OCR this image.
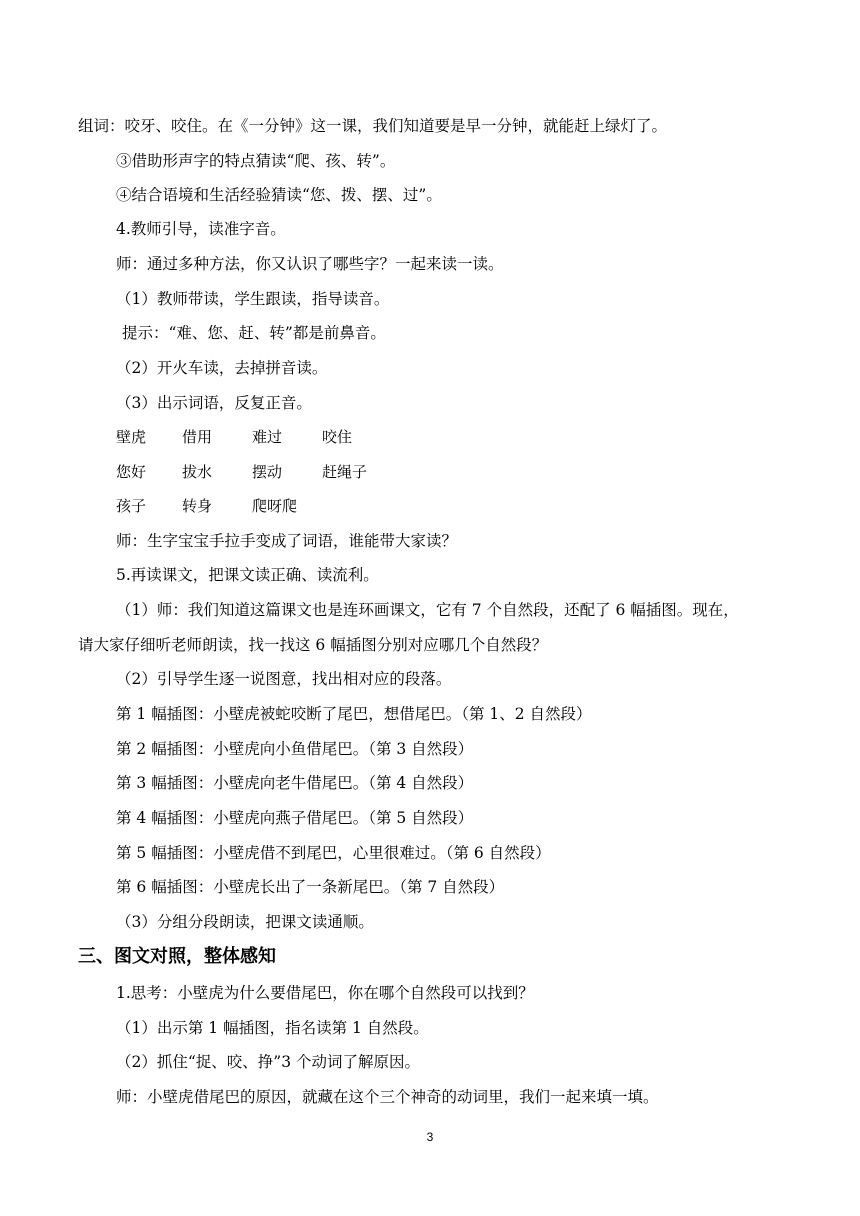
组词：咬牙、咬住。在《一分钟》这一课，我们知道要是早一分钟，就能赶上绿灯了。
③借助形声字的特点猜读“爬、孩、转”。
④结合语境和生活经验猜读“您、拨、摆、过”。
4.教师引导，读准字音。
师：通过多种方法，你又认识了哪些字？一起来读一读。
（1）教师带读，学生跟读，指导读音。
提示：“难、您、赶、转”都是前鼻音。
（2）开火车读，去掉拼音读。
（3）出示词语，反复正音。
壁虎 借用	难过	咬住
您好 拔水	摆动	赶绳子
孩子 转身	爬呀爬
师：生字宝宝手拉手变成了词语，谁能带大家读？
5.再读课文，把课文读正确、读流利。
（1）师：我们知道这篇课文也是连环画课文，它有 7 个自然段，还配了 6 幅插图。现在，
请大家仔细听老师朗读，找一找这 6 幅插图分别对应哪几个自然段？
（2）引导学生逐一说图意，找出相对应的段落。
第 1 幅插图：小壁虎被蛇咬断了尾巴，想借尾巴。（第 1、2 自然段）
第 2 幅插图：小壁虎向小鱼借尾巴。（第 3 自然段）
第 3 幅插图：小壁虎向老牛借尾巴。（第 4 自然段）
第 4 幅插图：小壁虎向燕子借尾巴。（第 5 自然段）
第 5 幅插图：小壁虎借不到尾巴，心里很难过。（第 6 自然段）
第 6 幅插图：小壁虎长出了一条新尾巴。（第 7 自然段）
（3）分组分段朗读，把课文读通顺。
三、图文对照，整体感知
1.思考：小壁虎为什么要借尾巴，你在哪个自然段可以找到？
（1）出示第 1 幅插图，指名读第 1 自然段。
（2）抓住“捉、咬、挣”3 个动词了解原因。
师：小壁虎借尾巴的原因，就藏在这个三个神奇的动词里，我们一起来填一填。
3
